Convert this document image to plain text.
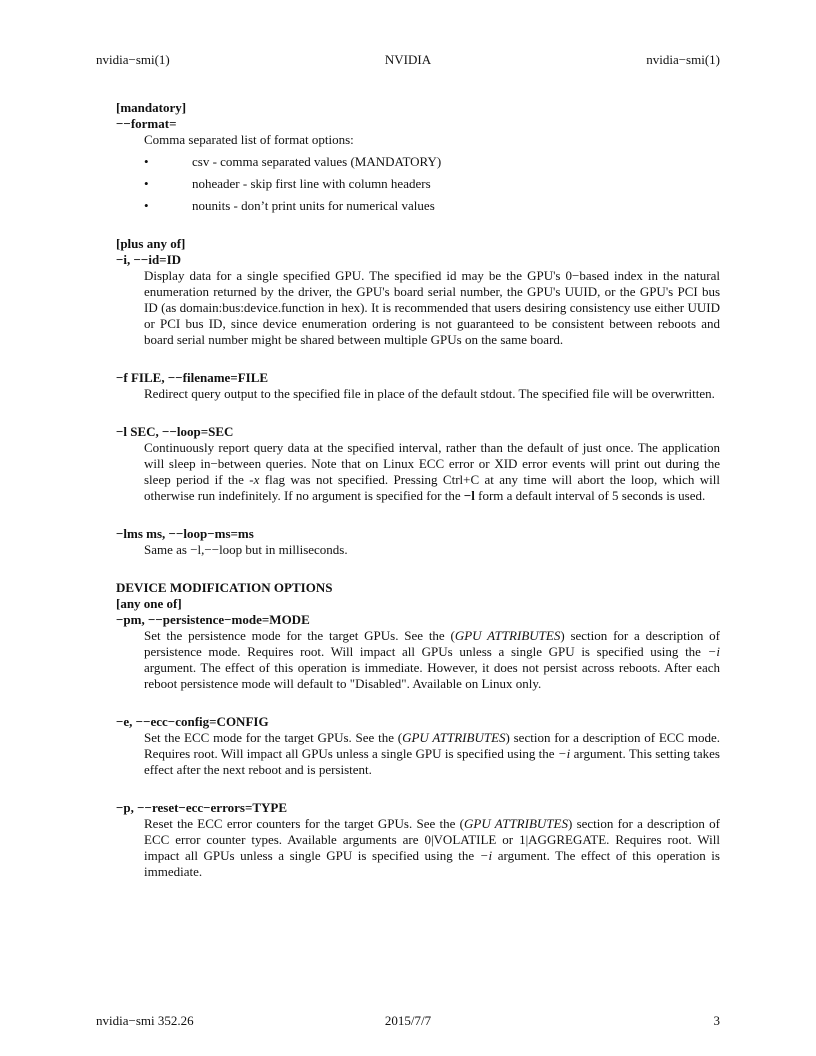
nvidia−smi(1)	NVIDIA	nvidia−smi(1)
[mandatory]
−−format=
Comma separated list of format options:
•	csv - comma separated values (MANDATORY)
•	noheader - skip first line with column headers
•	nounits - don’t print units for numerical values
[plus any of]
−i, −−id=ID
Display data for a single specified GPU. The specified id may be the GPU's 0−based index in the natural enumeration returned by the driver, the GPU's board serial number, the GPU's UUID, or the GPU's PCI bus ID (as domain:bus:device.function in hex). It is recommended that users desiring consistency use either UUID or PCI bus ID, since device enumeration ordering is not guaranteed to be consistent between reboots and board serial number might be shared between multiple GPUs on the same board.
−f FILE, −−filename=FILE
Redirect query output to the specified file in place of the default stdout. The specified file will be overwritten.
−l SEC, −−loop=SEC
Continuously report query data at the specified interval, rather than the default of just once. The application will sleep in−between queries. Note that on Linux ECC error or XID error events will print out during the sleep period if the -x flag was not specified. Pressing Ctrl+C at any time will abort the loop, which will otherwise run indefinitely. If no argument is specified for the −l form a default interval of 5 seconds is used.
−lms ms, −−loop−ms=ms
Same as −l,−−loop but in milliseconds.
DEVICE MODIFICATION OPTIONS
[any one of]
−pm, −−persistence−mode=MODE
Set the persistence mode for the target GPUs. See the (GPU ATTRIBUTES) section for a description of persistence mode. Requires root. Will impact all GPUs unless a single GPU is specified using the −i argument. The effect of this operation is immediate. However, it does not persist across reboots. After each reboot persistence mode will default to "Disabled". Available on Linux only.
−e, −−ecc−config=CONFIG
Set the ECC mode for the target GPUs. See the (GPU ATTRIBUTES) section for a description of ECC mode. Requires root. Will impact all GPUs unless a single GPU is specified using the −i argument. This setting takes effect after the next reboot and is persistent.
−p, −−reset−ecc−errors=TYPE
Reset the ECC error counters for the target GPUs. See the (GPU ATTRIBUTES) section for a description of ECC error counter types. Available arguments are 0|VOLATILE or 1|AGGREGATE. Requires root. Will impact all GPUs unless a single GPU is specified using the −i argument. The effect of this operation is immediate.
nvidia−smi 352.26	2015/7/7	3
